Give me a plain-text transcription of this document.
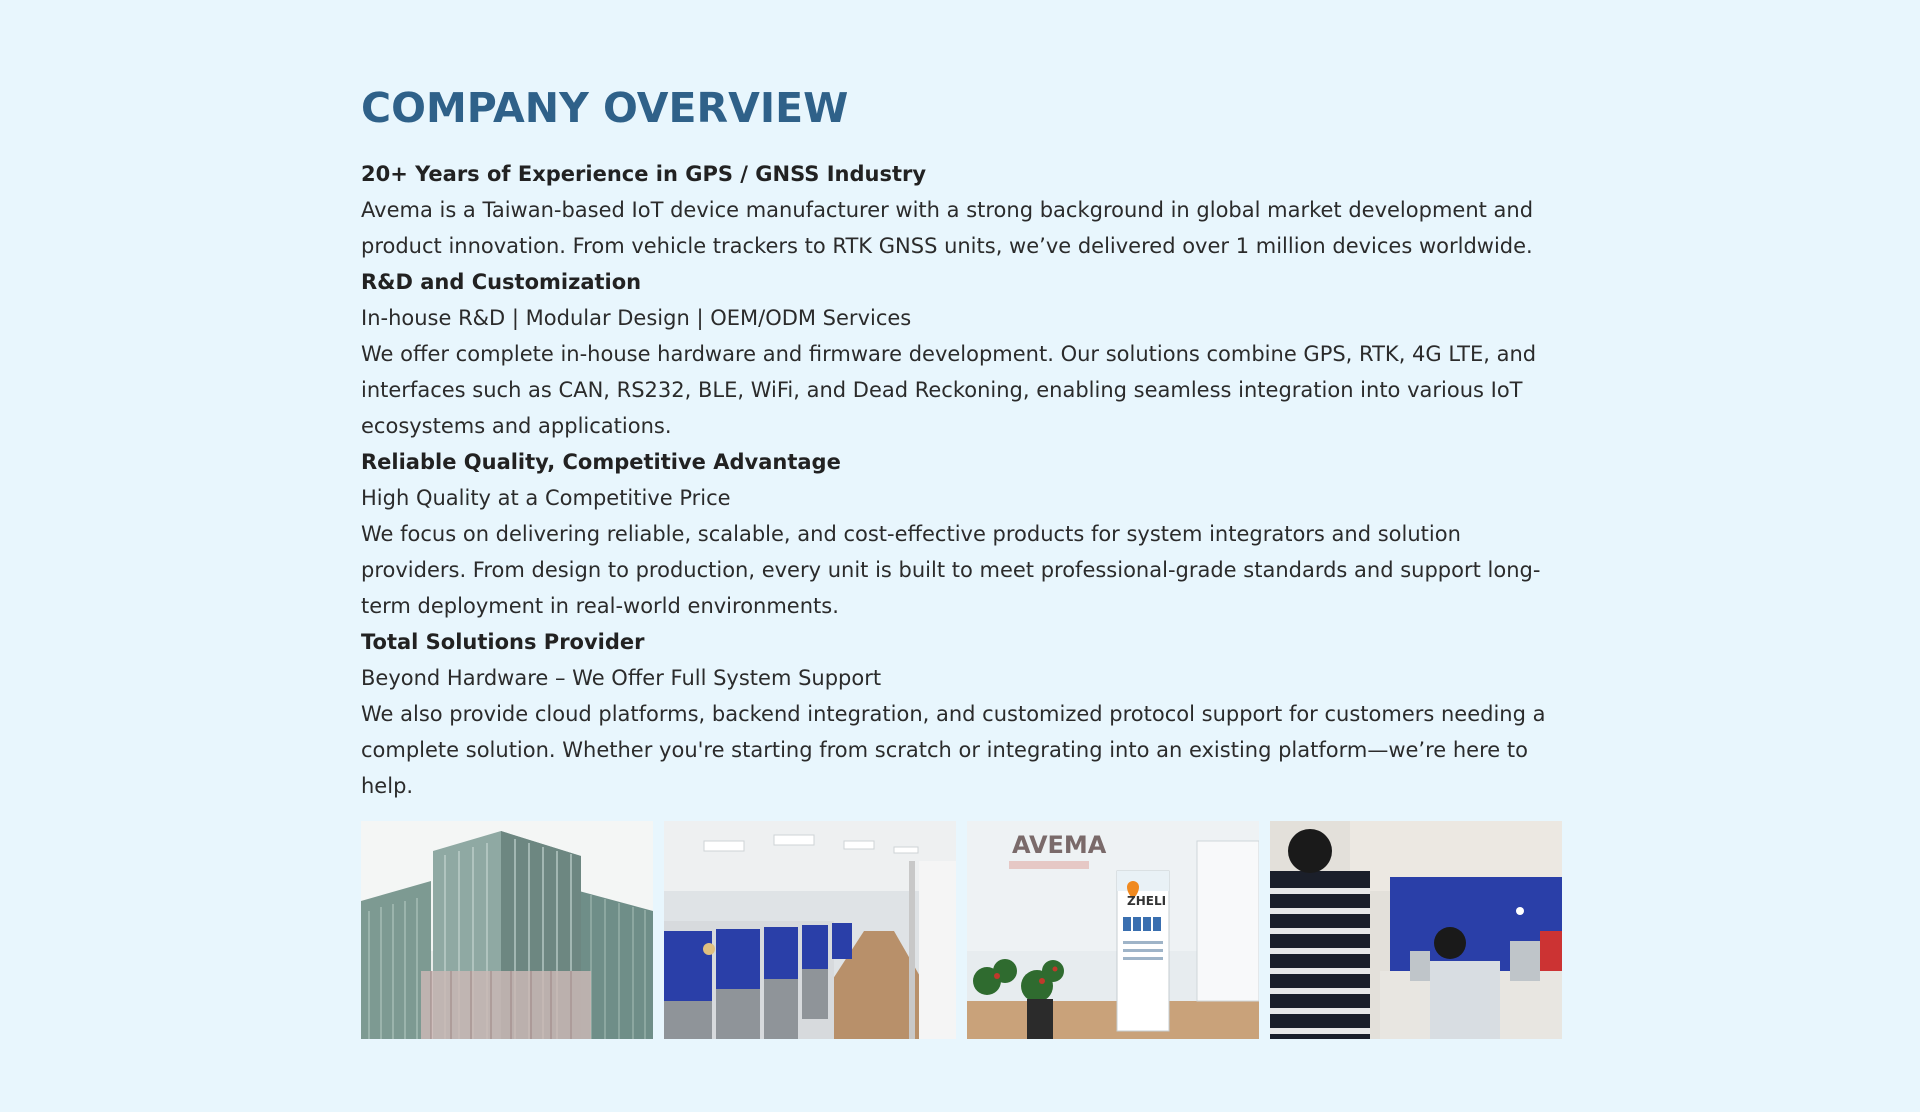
COMPANY OVERVIEW

20+ Years of Experience in GPS / GNSS Industry

Avema is a Taiwan-based IoT device manufacturer with a strong background in global market development and product innovation. From vehicle trackers to RTK GNSS units, we’ve delivered over 1 million devices worldwide.

R&D and Customization

In-house R&D | Modular Design | OEM/ODM Services

We offer complete in-house hardware and firmware development. Our solutions combine GPS, RTK, 4G LTE, and interfaces such as CAN, RS232, BLE, WiFi, and Dead Reckoning, enabling seamless integration into various IoT ecosystems and applications.

Reliable Quality, Competitive Advantage

High Quality at a Competitive Price

We focus on delivering reliable, scalable, and cost-effective products for system integrators and solution providers. From design to production, every unit is built to meet professional-grade standards and support long-term deployment in real-world environments.

Total Solutions Provider

Beyond Hardware – We Offer Full System Support

We also provide cloud platforms, backend integration, and customized protocol support for customers needing a complete solution. Whether you're starting from scratch or integrating into an existing platform—we’re here to help.

AVEMA
ZHELI
